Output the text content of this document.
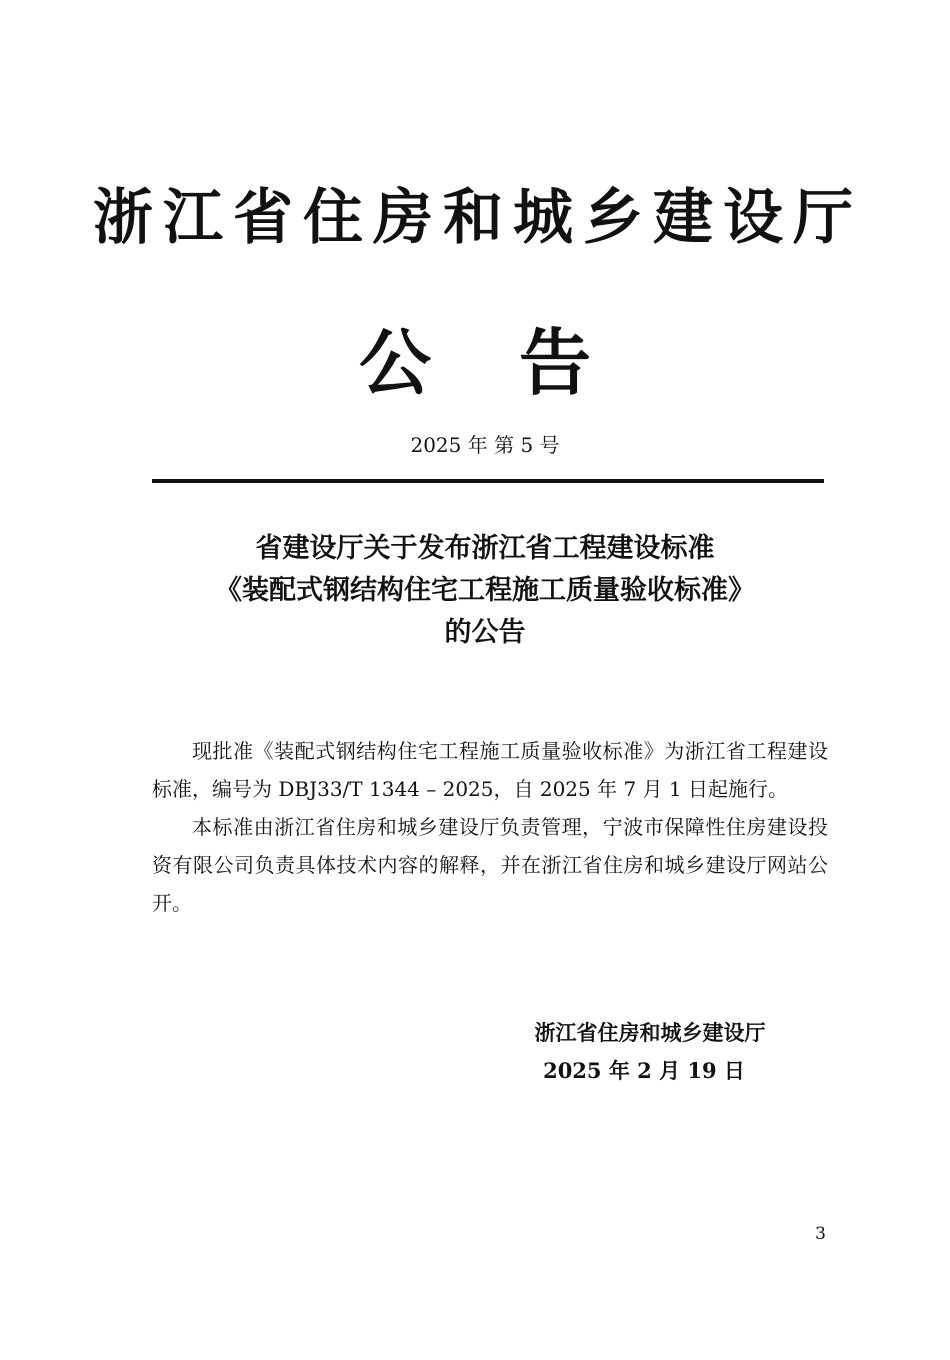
浙江省住房和城乡建设厅
公 告
2025 年 第 5 号
省建设厅关于发布浙江省工程建设标准
《装配式钢结构住宅工程施工质量验收标准》
的公告

现批准《装配式钢结构住宅工程施工质量验收标准》为浙江省工程建设标准，编号为 DBJ33/T 1344 – 2025，自 2025 年 7 月 1 日起施行。

本标准由浙江省住房和城乡建设厅负责管理，宁波市保障性住房建设投资有限公司负责具体技术内容的解释，并在浙江省住房和城乡建设厅网站公开。

浙江省住房和城乡建设厅
2025 年 2 月 19 日
3
